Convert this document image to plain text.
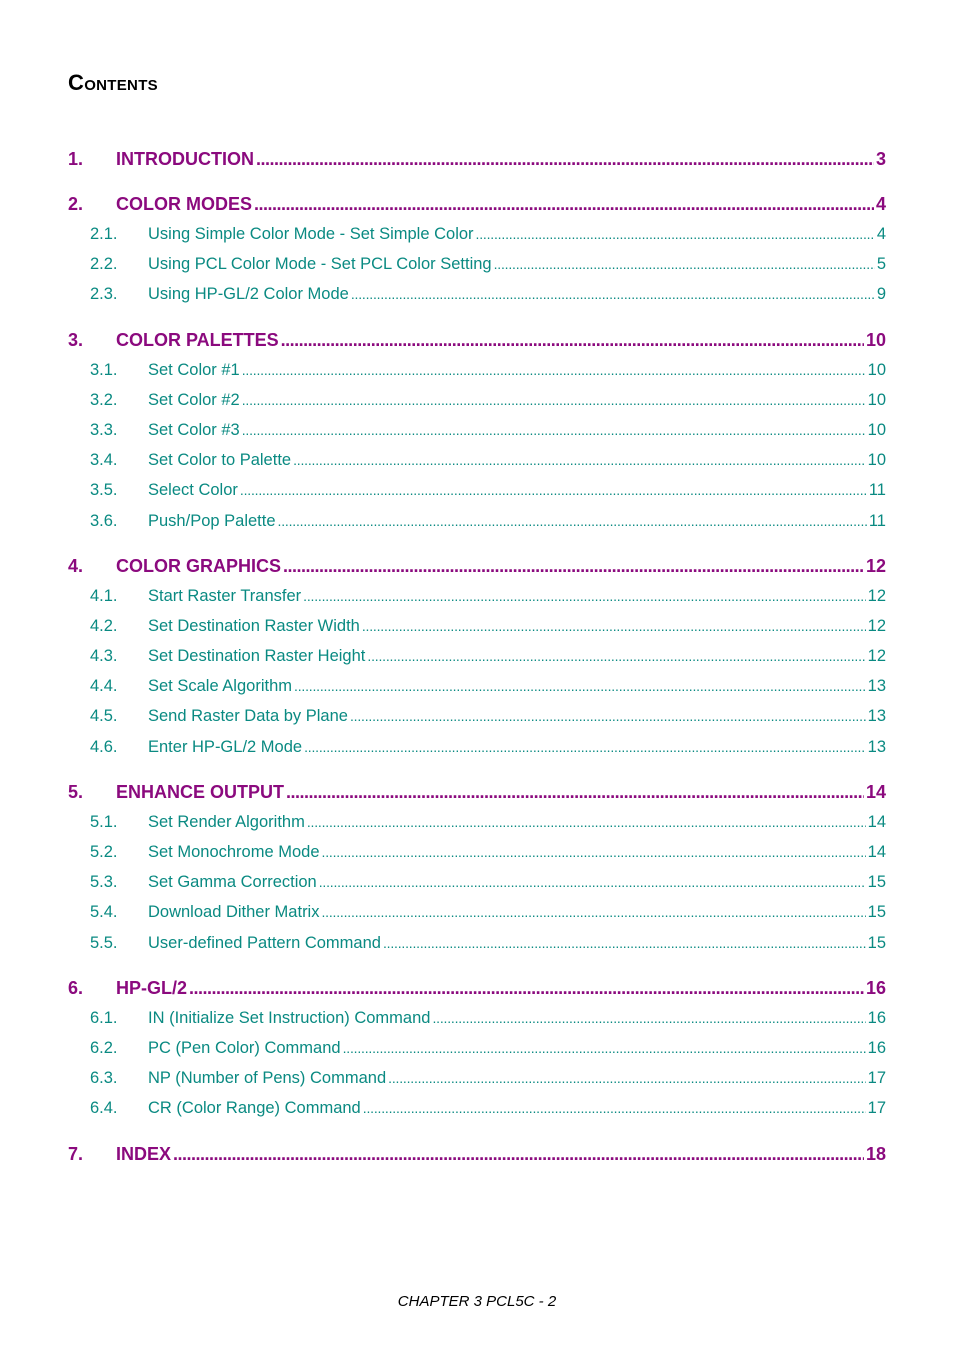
Contents
1.	INTRODUCTION .....	3
2.	COLOR MODES .....	4
2.1.	Using Simple Color Mode - Set Simple Color .....	4
2.2.	Using PCL Color Mode - Set PCL Color Setting .....	5
2.3.	Using HP-GL/2 Color Mode .....	9
3.	COLOR PALETTES .....	10
3.1.	Set Color #1 .....	10
3.2.	Set Color #2 .....	10
3.3.	Set Color #3 .....	10
3.4.	Set Color to Palette .....	10
3.5.	Select Color .....	11
3.6.	Push/Pop Palette .....	11
4.	COLOR GRAPHICS .....	12
4.1.	Start Raster Transfer .....	12
4.2.	Set Destination Raster Width .....	12
4.3.	Set Destination Raster Height .....	12
4.4.	Set Scale Algorithm .....	13
4.5.	Send Raster Data by Plane .....	13
4.6.	Enter HP-GL/2 Mode .....	13
5.	ENHANCE OUTPUT .....	14
5.1.	Set Render Algorithm .....	14
5.2.	Set Monochrome Mode .....	14
5.3.	Set Gamma Correction .....	15
5.4.	Download Dither Matrix .....	15
5.5.	User-defined Pattern Command .....	15
6.	HP-GL/2 .....	16
6.1.	IN (Initialize Set Instruction) Command .....	16
6.2.	PC (Pen Color) Command .....	16
6.3.	NP (Number of Pens) Command .....	17
6.4.	CR (Color Range) Command .....	17
7.	INDEX .....	18
CHAPTER 3 PCL5C - 2
